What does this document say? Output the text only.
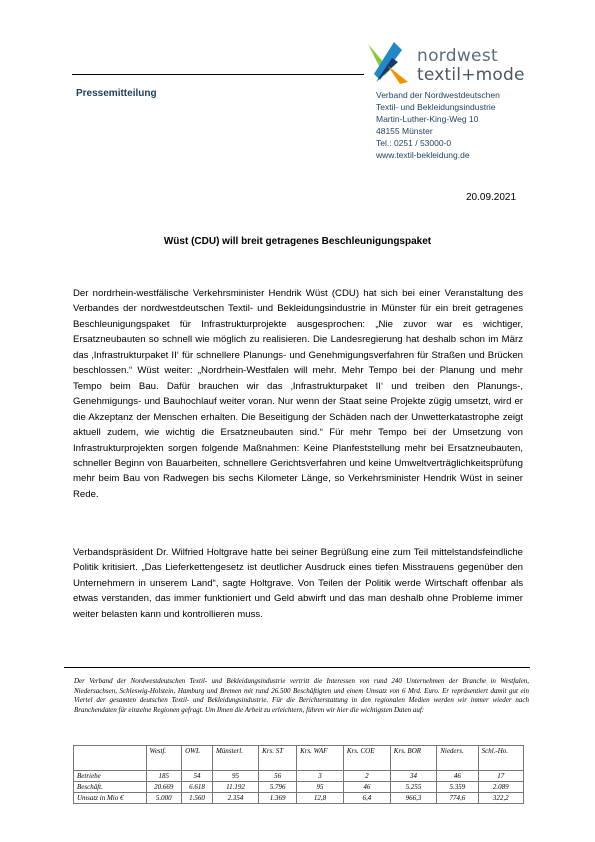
nordwest
textil+mode
Pressemitteilung	Verband der Nordwestdeutschen
Textil- und Bekleidungsindustrie
Martin-Luther-King-Weg 10
48155 Münster
Tel.: 0251 / 53000-0
www.textil-bekleidung.de
20.09.2021
Wüst (CDU) will breit getragenes Beschleunigungspaket
Der nordrhein-westfälische Verkehrsminister Hendrik Wüst (CDU) hat sich bei einer Veranstaltung des Verbandes der nordwestdeutschen Textil- und Bekleidungsindustrie in Münster für ein breit getragenes Beschleunigungspaket für Infrastrukturprojekte ausgesprochen: „Nie zuvor war es wichtiger, Ersatzneubauten so schnell wie möglich zu realisieren. Die Landesregierung hat deshalb schon im März das ‚Infrastrukturpaket II‘ für schnellere Planungs- und Genehmigungsverfahren für Straßen und Brücken beschlossen.“ Wüst weiter: „Nordrhein-Westfalen will mehr. Mehr Tempo bei der Planung und mehr Tempo beim Bau. Dafür brauchen wir das ‚Infrastrukturpaket II‘ und treiben den Planungs-, Genehmigungs- und Bauhochlauf weiter voran. Nur wenn der Staat seine Projekte zügig umsetzt, wird er die Akzeptanz der Menschen erhalten. Die Beseitigung der Schäden nach der Unwetterkatastrophe zeigt aktuell zudem, wie wichtig die Ersatzneubauten sind.“ Für mehr Tempo bei der Umsetzung von Infrastrukturprojekten sorgen folgende Maßnahmen: Keine Planfeststellung mehr bei Ersatzneubauten, schneller Beginn von Bauarbeiten, schnellere Gerichtsverfahren und keine Umweltverträglichkeitsprüfung mehr beim Bau von Radwegen bis sechs Kilometer Länge, so Verkehrsminister Hendrik Wüst in seiner Rede.
Verbandspräsident Dr. Wilfried Holtgrave hatte bei seiner Begrüßung eine zum Teil mittelstandsfeindliche Politik kritisiert. „Das Lieferkettengesetz ist deutlicher Ausdruck eines tiefen Misstrauens gegenüber den Unternehmern in unserem Land“, sagte Holtgrave. Von Teilen der Politik werde Wirtschaft offenbar als etwas verstanden, das immer funktioniert und Geld abwirft und das man deshalb ohne Probleme immer weiter belasten kann und kontrollieren muss.
Der Verband der Nordwestdeutschen Textil- und Bekleidungsindustrie vertritt die Interessen von rund 240 Unternehmen der Branche in Westfalen, Niedersachsen, Schleswig-Holstein, Hamburg und Bremen mit rund 26.500 Beschäftigten und einem Umsatz von 6 Mrd. Euro. Er repräsentiert damit gut ein Viertel der gesamten deutschen Textil- und Bekleidungsindustrie. Für die Berichterstattung in den regionalen Medien werden wir immer wieder nach Branchendaten für einzelne Regionen gefragt. Um Ihnen die Arbeit zu erleichtern, führen wir hier die wichtigsten Daten auf:
	Westf.	OWL	Münsterl.	Krs. ST	Krs. WAF	Krs. COE	Krs. BOR	Nieders.	Schl.-Ho.
Betriebe	185	54	95	56	3	2	34	46	17
Beschäft.	20.669	6.618	11.192	5.796	95	46	5.255	5.359	2.089
Umsatz in Mio €	5.000	1.560	2.354	1.369	12,8	6,4	966,3	774,6	322,2
